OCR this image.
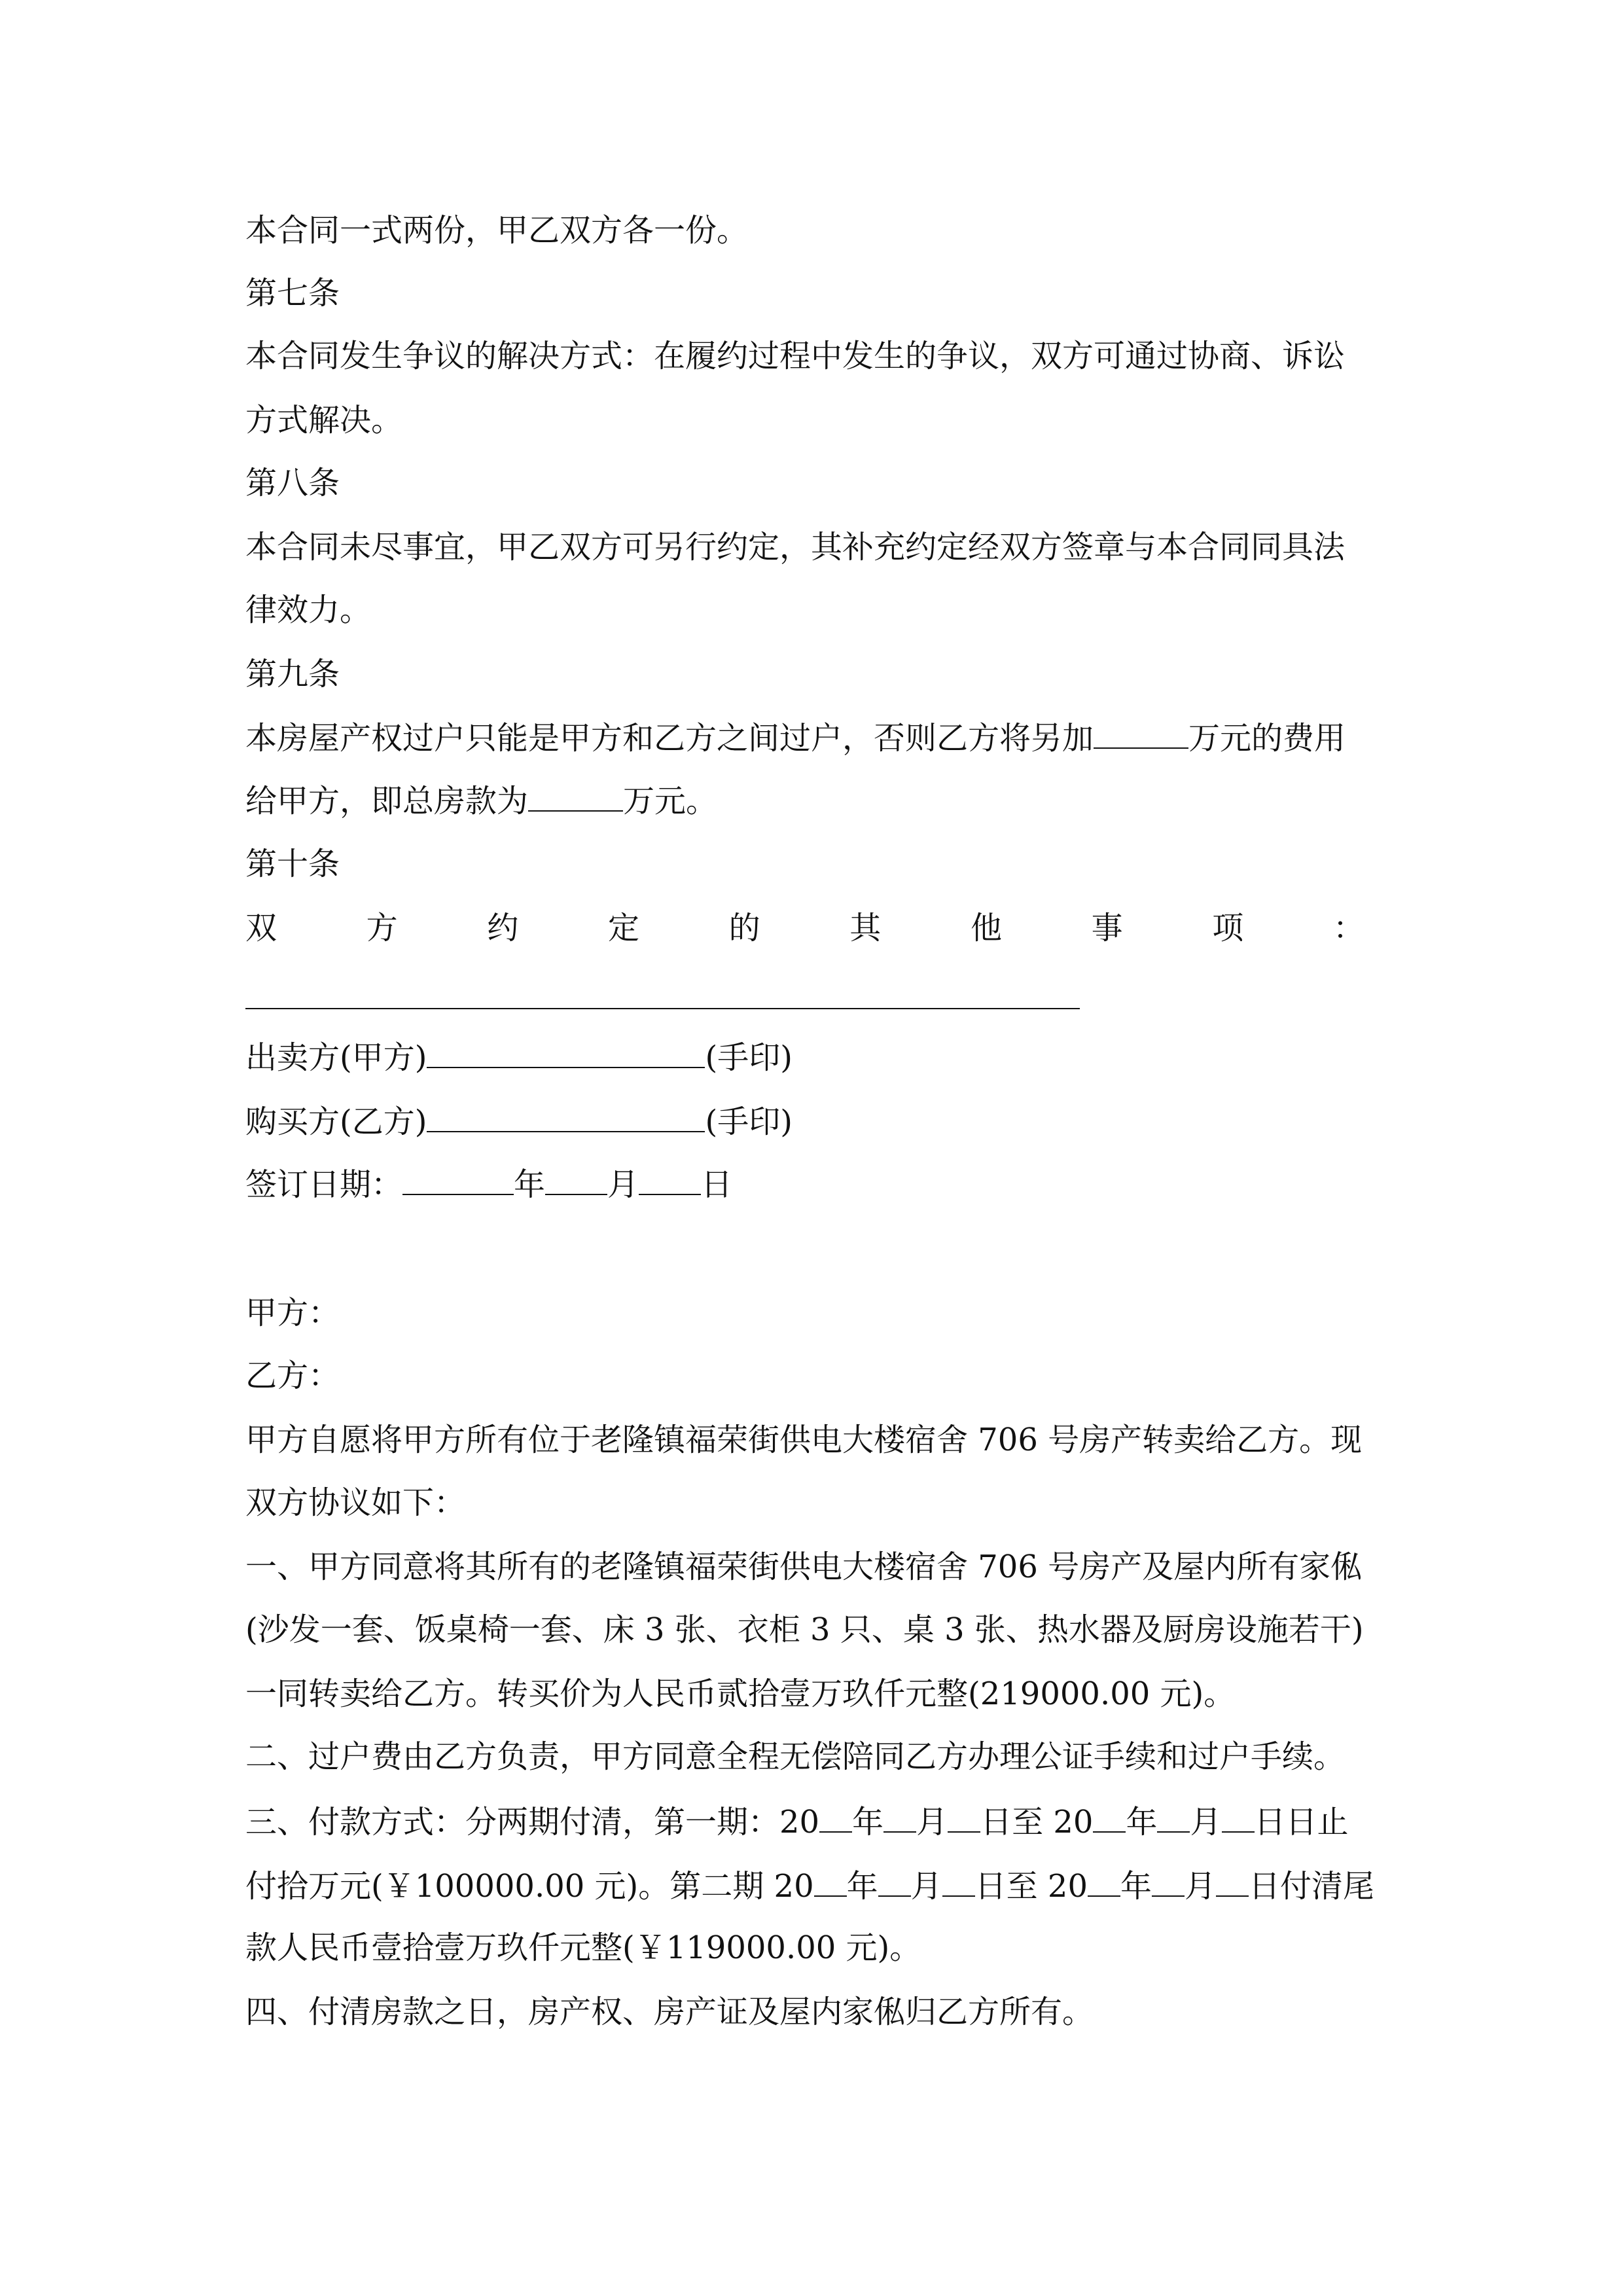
本合同一式两份，甲乙双方各一份。

第七条

本合同发生争议的解决方式：在履约过程中发生的争议，双方可通过协商、诉讼

方式解决。

第八条

本合同未尽事宜，甲乙双方可另行约定，其补充约定经双方签章与本合同同具法

律效力。

第九条

本房屋产权过户只能是甲方和乙方之间过户，否则乙方将另加	万元的费用

给甲方，即总房款为	万元。

第十条

双	方	约	定	的	其	他	事	项	：

出卖方(甲方)	(手印)

购买方(乙方)	(手印)

签订日期：	年 月 日

甲方：

乙方：

甲方自愿将甲方所有位于老隆镇福荣街供电大楼宿舍 706 号房产转卖给乙方。现

双方协议如下：

一、甲方同意将其所有的老隆镇福荣街供电大楼宿舍 706 号房产及屋内所有家俬

(沙发一套、饭桌椅一套、床 3 张、衣柜 3 只、桌 3 张、热水器及厨房设施若干)

一同转卖给乙方。转买价为人民币贰拾壹万玖仟元整(219000.00 元)。

二、过户费由乙方负责，甲方同意全程无偿陪同乙方办理公证手续和过户手续。

三、付款方式：分两期付清，第一期：20 年 月 日至 20 年 月 日日止

付拾万元(￥100000.00 元)。第二期 20 年 月 日至 20 年 月 日付清尾

款人民币壹拾壹万玖仟元整(￥119000.00 元)。

四、付清房款之日，房产权、房产证及屋内家俬归乙方所有。
